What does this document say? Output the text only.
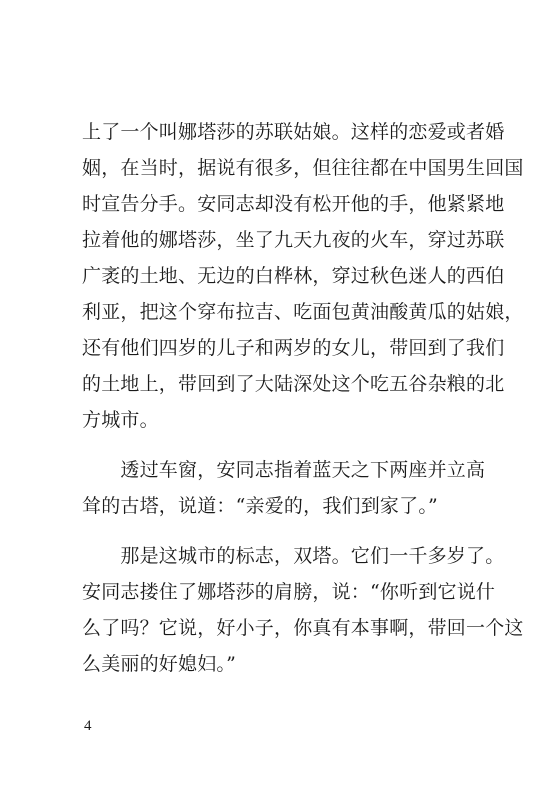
上了一个叫娜塔莎的苏联姑娘。这样的恋爱或者婚
姻，在当时，据说有很多，但往往都在中国男生回国
时宣告分手。安同志却没有松开他的手，他紧紧地
拉着他的娜塔莎，坐了九天九夜的火车，穿过苏联
广袤的土地、无边的白桦林，穿过秋色迷人的西伯
利亚，把这个穿布拉吉、吃面包黄油酸黄瓜的姑娘，
还有他们四岁的儿子和两岁的女儿，带回到了我们
的土地上，带回到了大陆深处这个吃五谷杂粮的北
方城市。
　　透过车窗，安同志指着蓝天之下两座并立高
耸的古塔，说道：“亲爱的，我们到家了。”
　　那是这城市的标志，双塔。它们一千多岁了。
安同志搂住了娜塔莎的肩膀，说：“你听到它说什
么了吗？它说，好小子，你真有本事啊，带回一个这
么美丽的好媳妇。”
4
